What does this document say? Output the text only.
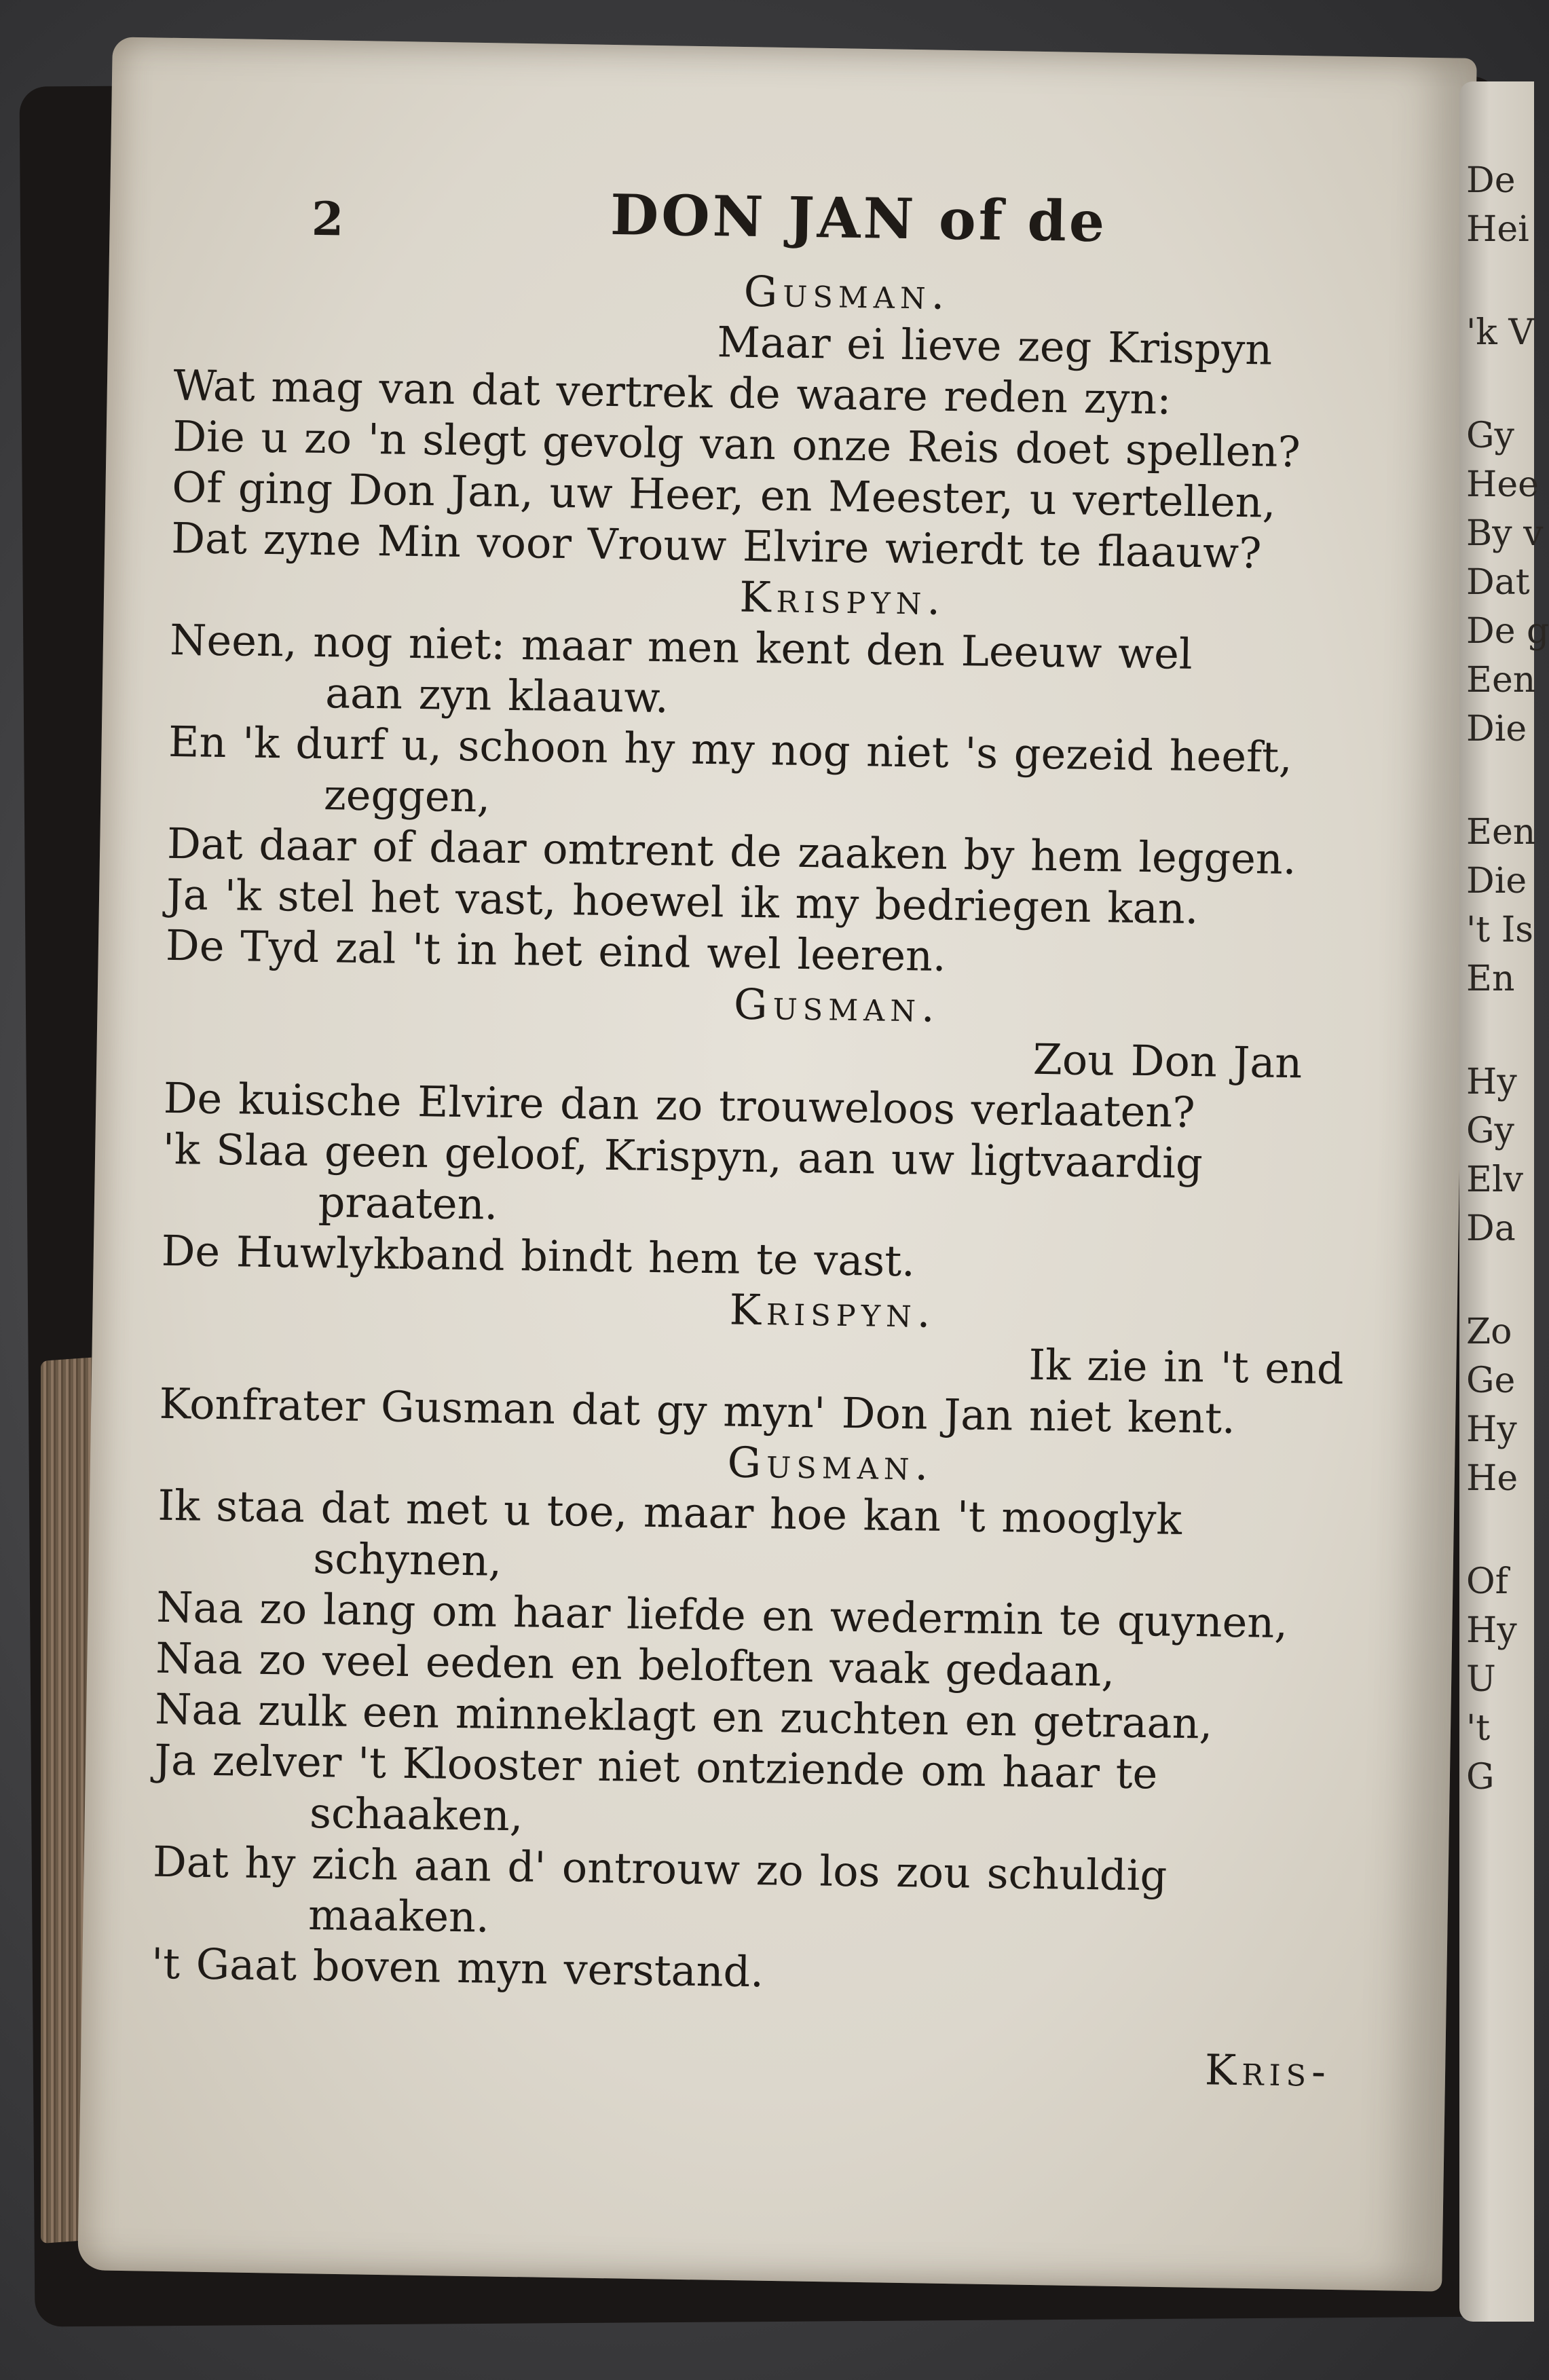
De
Hei
'k V
Gy
Hee
By v
Dat
De g
Een
Die
Een
Die
't Is
En
Hy
Gy
Elv
Da
Zo
Ge
Hy
He
Of
Hy
U
't
G
2	DON JAN of de
Gusman.
Maar ei lieve zeg Krispyn
Wat mag van dat vertrek de waare reden zyn:
Die u zo 'n slegt gevolg van onze Reis doet spellen?
Of ging Don Jan, uw Heer, en Meester, u vertellen,
Dat zyne Min voor Vrouw Elvire wierdt te flaauw?
Krispyn.
Neen, nog niet: maar men kent den Leeuw wel
aan zyn klaauw.
En 'k durf u, schoon hy my nog niet 's gezeid heeft,
zeggen,
Dat daar of daar omtrent de zaaken by hem leggen.
Ja 'k stel het vast, hoewel ik my bedriegen kan.
De Tyd zal 't in het eind wel leeren.
Gusman.
Zou Don Jan
De kuische Elvire dan zo trouweloos verlaaten?
'k Slaa geen geloof, Krispyn, aan uw ligtvaardig
praaten.
De Huwlykband bindt hem te vast.
Krispyn.
Ik zie in 't end
Konfrater Gusman dat gy myn' Don Jan niet kent.
Gusman.
Ik staa dat met u toe, maar hoe kan 't mooglyk
schynen,
Naa zo lang om haar liefde en wedermin te quynen,
Naa zo veel eeden en beloften vaak gedaan,
Naa zulk een minneklagt en zuchten en getraan,
Ja zelver 't Klooster niet ontziende om haar te
schaaken,
Dat hy zich aan d' ontrouw zo los zou schuldig
maaken.
't Gaat boven myn verstand.
Kris-
